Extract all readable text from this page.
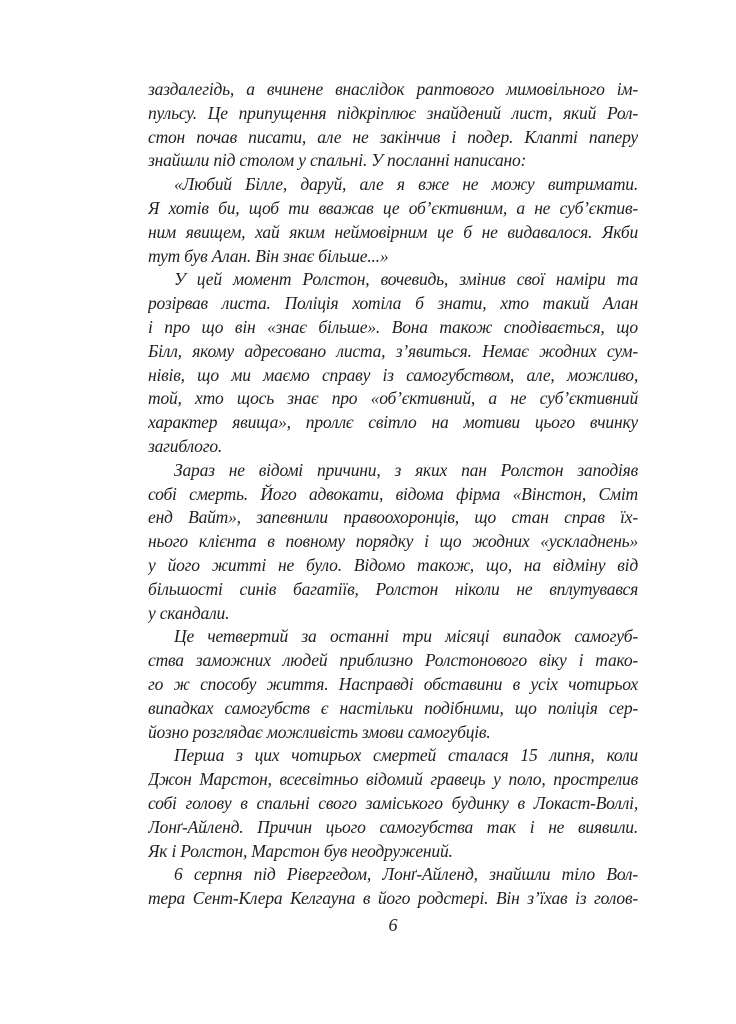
заздалегідь, а вчинене внаслідок раптового мимовільного ім-
пульсу. Це припущення підкріплює знайдений лист, який Рол-
стон почав писати, але не закінчив і подер. Клапті паперу
знайшли під столом у спальні. У посланні написано:
«Любий Білле, даруй, але я вже не можу витримати.
Я хотів би, щоб ти вважав це об’єктивним, а не суб’єктив-
ним явищем, хай яким неймовірним це б не видавалося. Якби
тут був Алан. Він знає більше...»
У цей момент Ролстон, вочевидь, змінив свої наміри та
розірвав листа. Поліція хотіла б знати, хто такий Алан
і про що він «знає більше». Вона також сподівається, що
Білл, якому адресовано листа, з’явиться. Немає жодних сум-
нівів, що ми маємо справу із самогубством, але, можливо,
той, хто щось знає про «об’єктивний, а не суб’єктивний
характер явища», проллє світло на мотиви цього вчинку
загиблого.
Зараз не відомі причини, з яких пан Ролстон заподіяв
собі смерть. Його адвокати, відома фірма «Вінстон, Сміт
енд Вайт», запевнили правоохоронців, що стан справ їх-
нього клієнта в повному порядку і що жодних «ускладнень»
у його житті не було. Відомо також, що, на відміну від
більшості синів багатіїв, Ролстон ніколи не вплутувався
у скандали.
Це четвертий за останні три місяці випадок самогуб-
ства заможних людей приблизно Ролстонового віку і тако-
го ж способу життя. Насправді обставини в усіх чотирьох
випадках самогубств є настільки подібними, що поліція сер-
йозно розглядає можливість змови самогубців.
Перша з цих чотирьох смертей сталася 15 липня, коли
Джон Марстон, всесвітньо відомий гравець у поло, прострелив
собі голову в спальні свого заміського будинку в Локаст-Воллі,
Лонґ-Айленд. Причин цього самогубства так і не виявили.
Як і Ролстон, Марстон був неодружений.
6 серпня під Рівергедом, Лонґ-Айленд, знайшли тіло Вол-
тера Сент-Клера Келгауна в його родстері. Він з’їхав із голов-
6
